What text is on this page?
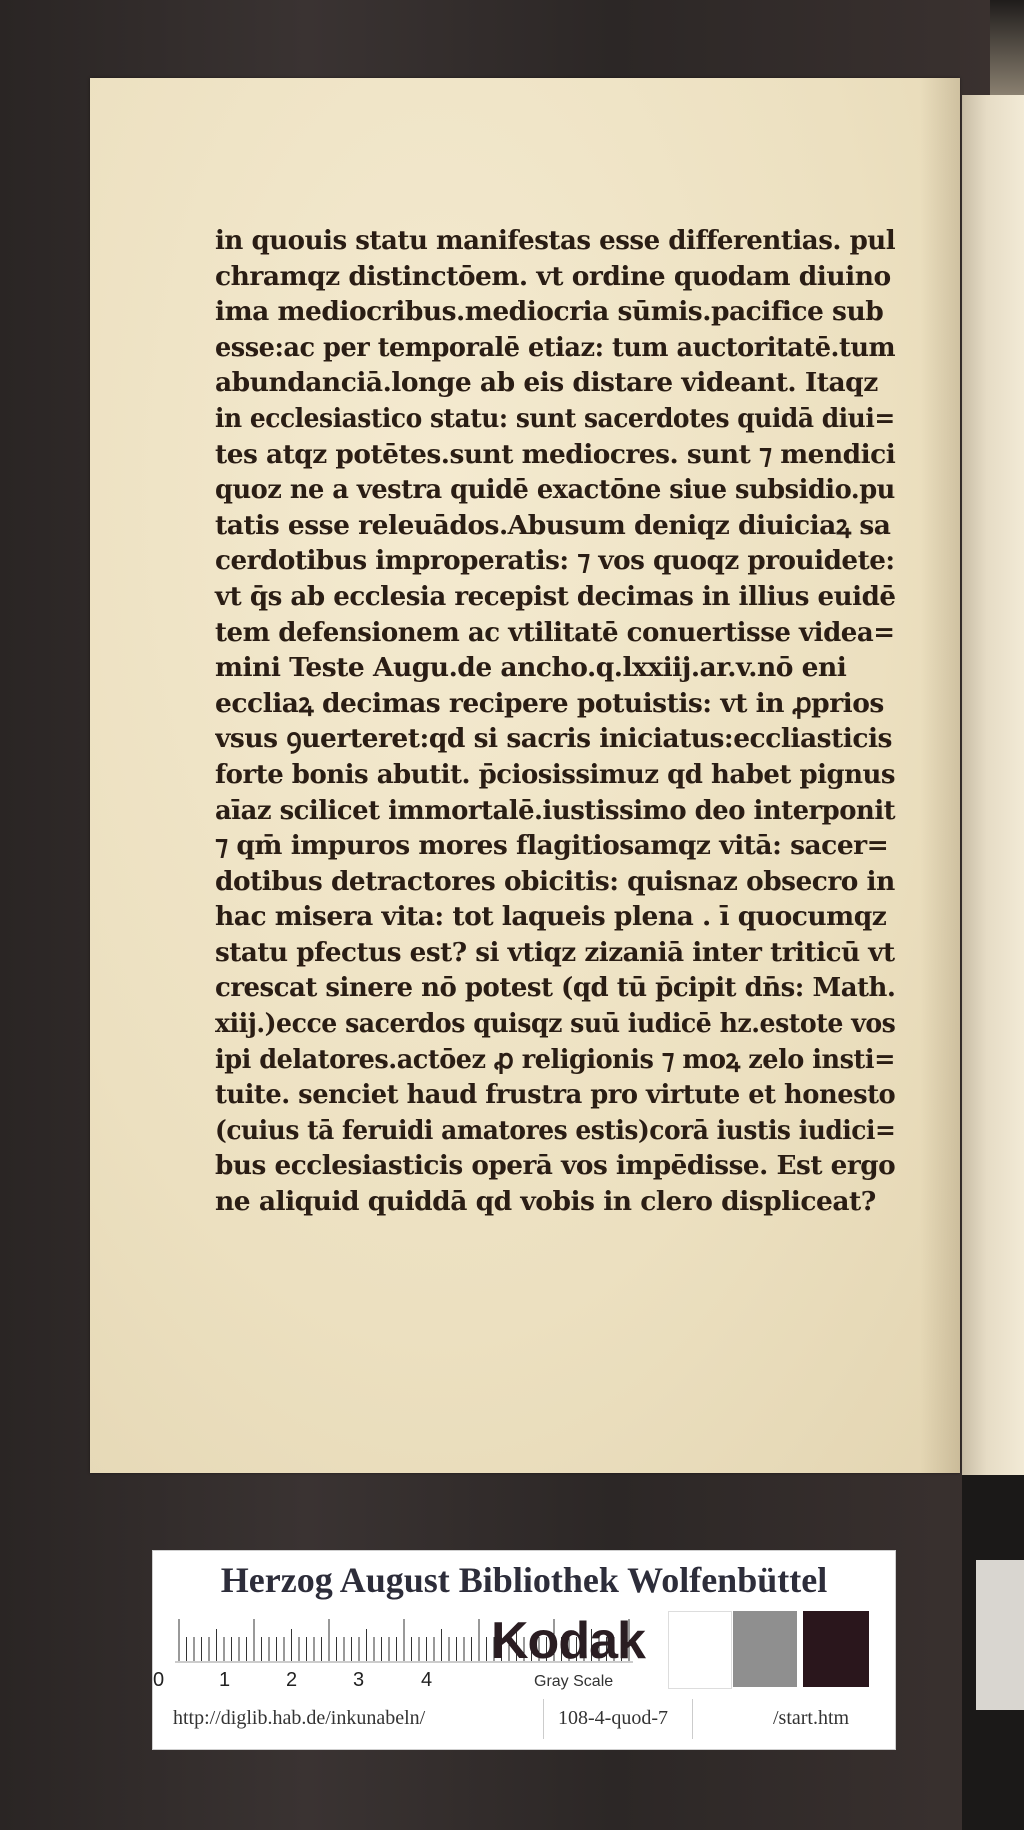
in quouis statu manifestas esse differentias. pul
chramqz distinctōem. vt ordine quodam diuino
ima mediocribus.mediocria sūmis.pacifice sub
esse:ac per temporalē etiaz: tum auctoritatē.tum
abundanciā.longe ab eis distare videant. Itaqz
in ecclesiastico statu: sunt sacerdotes quidā diui=
tes atqz potētes.sunt mediocres. sunt ⁊ mendici
quoz ne a vestra quidē exactōne siue subsidio.pu
tatis esse releuādos.Abusum deniqz diuiciaꝝ sa
cerdotibus improperatis: ⁊ vos quoqz prouidete:
vt q̄s ab ecclesia recepist decimas in illius euidē
tem defensionem ac vtilitatē conuertisse videa=
mini Teste Augu.de ancho.q.lxxiij.ar.v.nō eni
eccliaꝝ decimas recipere potuistis: vt in ꝓprios
vsus ꝯuerteret:qd si sacris iniciatus:eccliasticis
forte bonis abutit. p̄ciosissimuz qd habet pignus
aīaz scilicet immortalē.iustissimo deo interponit
⁊ qm̄ impuros mores flagitiosamqz vitā: sacer=
dotibus detractores obicitis: quisnaz obsecro in
hac misera vita: tot laqueis plena . ī quocumqz
statu pfectus est? si vtiqz zizaniā inter triticū vt
crescat sinere nō potest (qd tū p̄cipit dn̄s: Math.
xiij.)ecce sacerdos quisqz suū iudicē hz.estote vos
ipi delatores.actōez ꝓ religionis ⁊ moꝝ zelo insti=
tuite. senciet haud frustra pro virtute et honesto
(cuius tā feruidi amatores estis)corā iustis iudici=
bus ecclesiasticis operā vos impēdisse. Est ergo
ne aliquid quiddā qd vobis in clero displiceat?
Herzog August Bibliothek Wolfenbüttel
0	1	2	3	4
Kodak
Gray Scale
http://diglib.hab.de/inkunabeln/	108-4-quod-7	/start.htm
